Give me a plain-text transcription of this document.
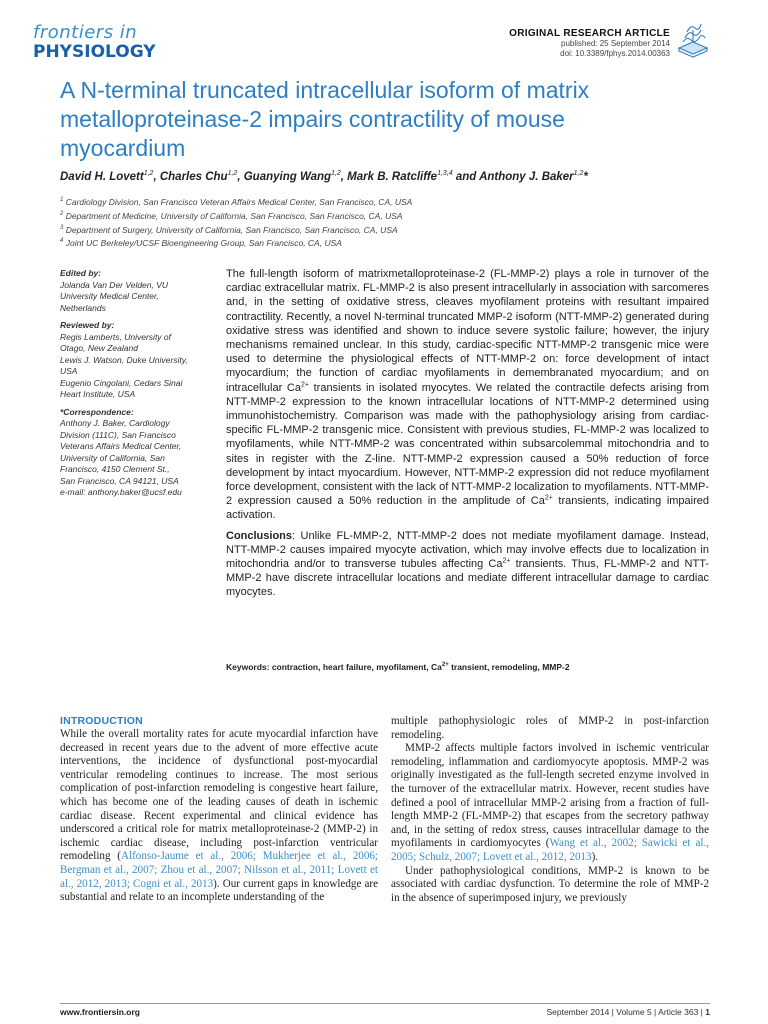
frontiers in
PHYSIOLOGY
ORIGINAL RESEARCH ARTICLE
published: 25 September 2014
doi: 10.3389/fphys.2014.00363
A N-terminal truncated intracellular isoform of matrix metalloproteinase-2 impairs contractility of mouse myocardium
David H. Lovett$^{1,2}$, Charles Chu$^{1,2}$, Guanying Wang$^{1,2}$, Mark B. Ratcliffe$^{1,3,4}$ and Anthony J. Baker$^{1,2}$*
$^1$ Cardiology Division, San Francisco Veteran Affairs Medical Center, San Francisco, CA, USA
$^2$ Department of Medicine, University of California, San Francisco, San Francisco, CA, USA
$^3$ Department of Surgery, University of California, San Francisco, San Francisco, CA, USA
$^4$ Joint UC Berkeley/UCSF Bioengineering Group, San Francisco, CA, USA
Edited by:
Jolanda Van Der Velden, VU
University Medical Center,
Netherlands
Reviewed by:
Regis Lamberts, University of
Otago, New Zealand
Lewis J. Watson, Duke University,
USA
Eugenio Cingolani, Cedars Sinai
Heart Institute, USA
*Correspondence:
Anthony J. Baker, Cardiology
Division (111C), San Francisco
Veterans Affairs Medical Center,
University of California, San
Francisco, 4150 Clement St.,
San Francisco, CA 94121, USA
e-mail: anthony.baker@ucsf.edu

The full-length isoform of matrixmetalloproteinase-2 (FL-MMP-2) plays a role in turnover of the cardiac extracellular matrix. FL-MMP-2 is also present intracellularly in association with sarcomeres and, in the setting of oxidative stress, cleaves myofilament proteins with resultant impaired contractility. Recently, a novel N-terminal truncated MMP-2 isoform (NTT-MMP-2) generated during oxidative stress was identified and shown to induce severe systolic failure; however, the injury mechanisms remained unclear. In this study, cardiac-specific NTT-MMP-2 transgenic mice were used to determine the physiological effects of NTT-MMP-2 on: force development of intact myocardium; the function of cardiac myofilaments in demembranated myocardium; and on intracellular $Ca^{2+}$ transients in isolated myocytes. We related the contractile defects arising from NTT-MMP-2 expression to the known intracellular locations of NTT-MMP-2 determined using immunohistochemistry. Comparison was made with the pathophysiology arising from cardiac-specific FL-MMP-2 transgenic mice. Consistent with previous studies, FL-MMP-2 was localized to myofilaments, while NTT-MMP-2 was concentrated within subsarcolemmal mitochondria and to sites in register with the Z-line. NTT-MMP-2 expression caused a 50% reduction of force development by intact myocardium. However, NTT-MMP-2 expression did not reduce myofilament force development, consistent with the lack of NTT-MMP-2 localization to myofilaments. NTT-MMP-2 expression caused a 50% reduction in the amplitude of $Ca^{2+}$ transients, indicating impaired activation.

Conclusions: Unlike FL-MMP-2, NTT-MMP-2 does not mediate myofilament damage. Instead, NTT-MMP-2 causes impaired myocyte activation, which may involve effects due to localization in mitochondria and/or to transverse tubules affecting $Ca^{2+}$ transients. Thus, FL-MMP-2 and NTT-MMP-2 have discrete intracellular locations and mediate different intracellular damage to cardiac myocytes.

Keywords: contraction, heart failure, myofilament, $Ca^{2+}$ transient, remodeling, MMP-2
INTRODUCTION

While the overall mortality rates for acute myocardial infarction have decreased in recent years due to the advent of more effective acute interventions, the incidence of dysfunctional post-myocardial ventricular remodeling continues to increase. The most serious complication of post-infarction remodeling is congestive heart failure, which has become one of the leading causes of death in ischemic cardiac disease. Recent experimental and clinical evidence has underscored a critical role for matrix metalloproteinase-2 (MMP-2) in ischemic cardiac disease, including post-infarction ventricular remodeling (Alfonso-Jaume et al., 2006; Mukherjee et al., 2006; Bergman et al., 2007; Zhou et al., 2007; Nilsson et al., 2011; Lovett et al., 2012, 2013; Cogni et al., 2013). Our current gaps in knowledge are substantial and relate to an incomplete understanding of the

multiple pathophysiologic roles of MMP-2 in post-infarction remodeling.

MMP-2 affects multiple factors involved in ischemic ventricular remodeling, inflammation and cardiomyocyte apoptosis. MMP-2 was originally investigated as the full-length secreted enzyme involved in the turnover of the extracellular matrix. However, recent studies have defined a pool of intracellular MMP-2 arising from a fraction of full-length MMP-2 (FL-MMP-2) that escapes from the secretory pathway and, in the setting of redox stress, causes intracellular damage to the myofilaments in cardiomyocytes (Wang et al., 2002; Sawicki et al., 2005; Schulz, 2007; Lovett et al., 2012, 2013).

Under pathophysiological conditions, MMP-2 is known to be associated with cardiac dysfunction. To determine the role of MMP-2 in the absence of superimposed injury, we previously

www.frontiersin.org	September 2014 | Volume 5 | Article 363 | 1
